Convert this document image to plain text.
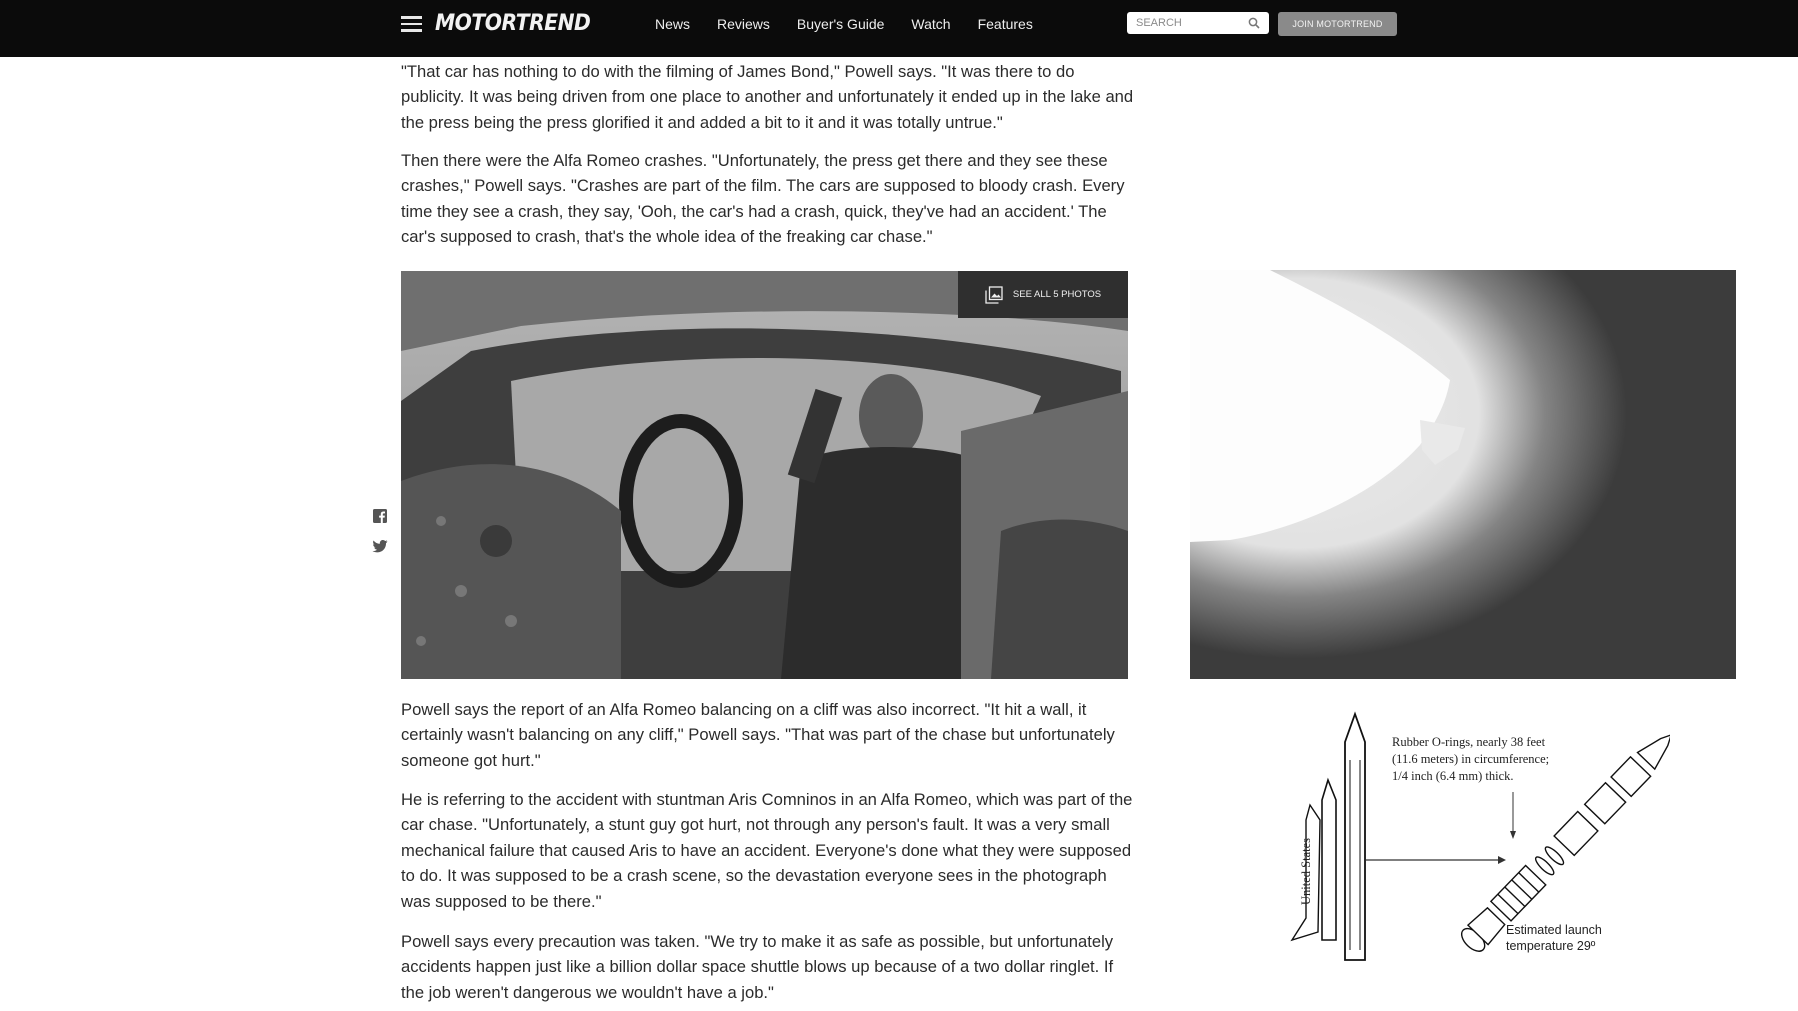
MOTORTREND	News Reviews Buyer's Guide Watch Features
SEARCH	JOIN MOTORTREND

"That car has nothing to do with the filming of James Bond," Powell says. "It was there to do publicity. It was being driven from one place to another and unfortunately it ended up in the lake and the press being the press glorified it and added a bit to it and it was totally untrue."

Then there were the Alfa Romeo crashes. "Unfortunately, the press get there and they see these crashes," Powell says. "Crashes are part of the film. The cars are supposed to bloody crash. Every time they see a crash, they say, 'Ooh, the car's had a crash, quick, they've had an accident.' The car's supposed to crash, that's the whole idea of the freaking car chase."

SEE ALL 5 PHOTOS

Powell says the report of an Alfa Romeo balancing on a cliff was also incorrect. "It hit a wall, it certainly wasn't balancing on any cliff," Powell says. "That was part of the chase but unfortunately someone got hurt."

He is referring to the accident with stuntman Aris Comninos in an Alfa Romeo, which was part of the car chase. "Unfortunately, a stunt guy got hurt, not through any person's fault. It was a very small mechanical failure that caused Aris to have an accident. Everyone's done what they were supposed to do. It was supposed to be a crash scene, so the devastation everyone sees in the photograph was supposed to be there."

Powell says every precaution was taken. "We try to make it as safe as possible, but unfortunately accidents happen just like a billion dollar space shuttle blows up because of a two dollar ringlet. If the job weren't dangerous we wouldn't have a job."

United States
Rubber O-rings, nearly 38 feet
(11.6 meters) in circumference;
1/4 inch (6.4 mm) thick.
Estimated launch
temperature 29º
